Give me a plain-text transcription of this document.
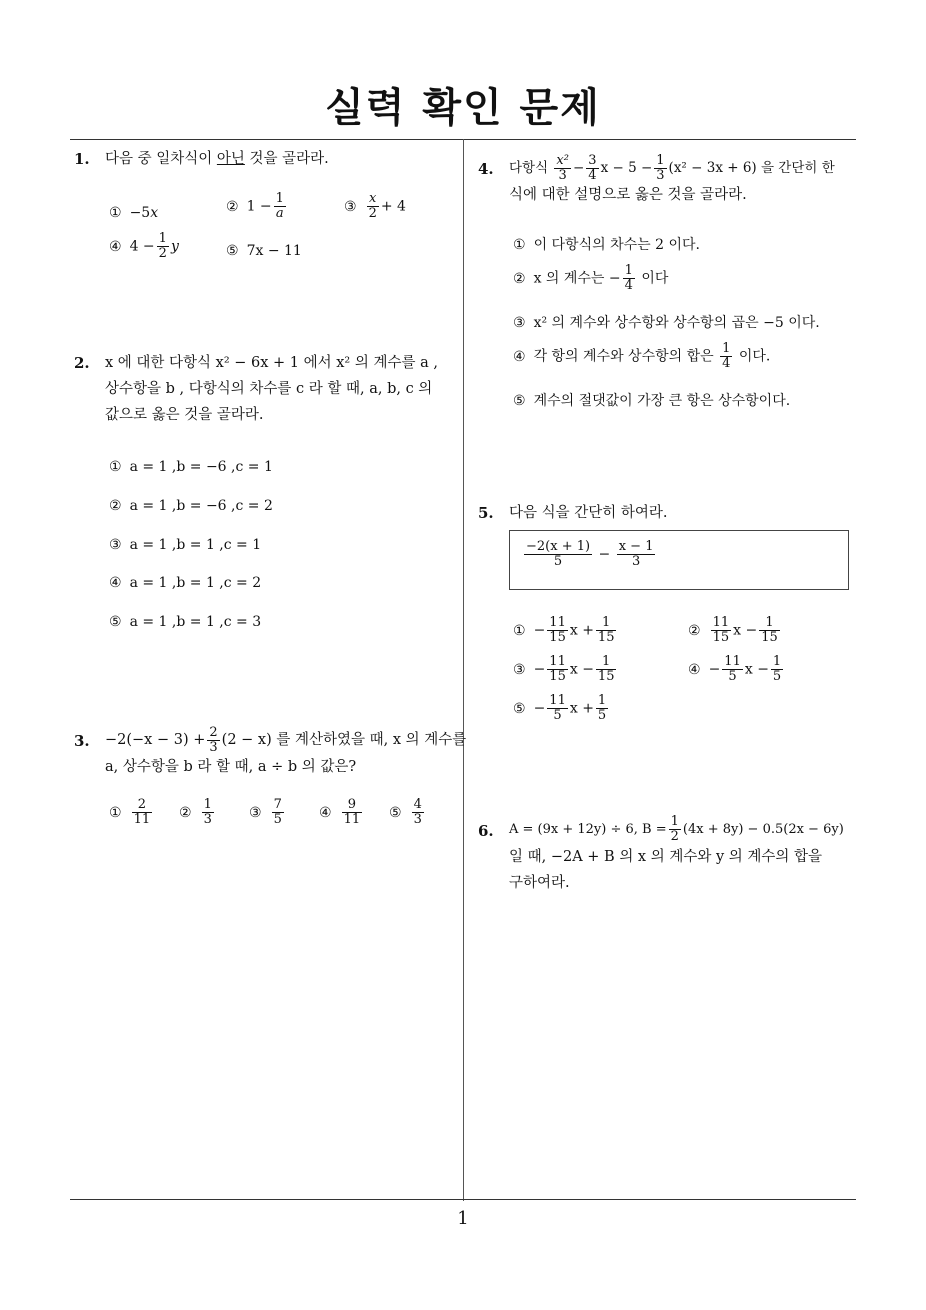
실력 확인 문제
1. 다음 중 일차식이 아닌 것을 골라라.
① −5x	② $1 - \frac{1}{a}$	③ $\frac{x}{2} + 4$
④ $4 - \frac{1}{2}$ y	⑤ 7x − 11
2. x 에 대한 다항식 x² − 6x + 1 에서 x² 의 계수를 a ,
상수항을 b , 다항식의 차수를 c 라 할 때, a, b, c 의
값으로 옳은 것을 골라라.
① a = 1 ,b = −6 ,c = 1
② a = 1 ,b = −6 ,c = 2
③ a = 1 ,b = 1 ,c = 1
④ a = 1 ,b = 1 ,c = 2
⑤ a = 1 ,b = 1 ,c = 3
3. $-2(-x - 3) + \frac{2}{3} (2 - x)$ 를 계산하였을 때, x 의 계수를
a, 상수항을 b 라 할 때, a ÷ b 의 값은?
① $\frac{2}{11}$ ② $\frac{1}{3}$	③ $\frac{7}{5}$	④ $\frac{9}{11}$ ⑤ $\frac{4}{3}$
4. 다항식 $\frac{\text{x²}}{3} - \frac{3}{4}$ $x - 5 - \frac{1}{3} (x^2 - 3x + 6)$ 을 간단히 한
식에 대한 설명으로 옳은 것을 골라라.
① 이 다항식의 차수는 2 이다.
② x 의 계수는 − $\frac{1}{4}$ 이다
③ x² 의 계수와 상수항와 상수항의 곱은 −5 이다.
④ 각 항의 계수와 상수항의 합은 $\frac{1}{4}$ 이다.
⑤ 계수의 절댓값이 가장 큰 항은 상수항이다.
5. 다음 식을 간단히 하여라.
$\frac{-2(x + 1)}{5} - \frac{x - 1}{3}$
① − $\frac{11}{15}$ $x + \frac{1}{15}$	② $\frac{11}{15}$ $x - \frac{1}{15}$
③ − $\frac{11}{15}$ $x - \frac{1}{15}$	④ − $\frac{11}{5}$ $x - \frac{1}{5}$
⑤ − $\frac{11}{5}$ $x + \frac{1}{5}$
6. A = (9x + 12y) ÷ 6, $B = \frac{1}{2} (4x + 8y) - 0.5(2x - 6y)$
일 때, −2A + B 의 x 의 계수와 y 의 계수의 합을
구하여라.
1
